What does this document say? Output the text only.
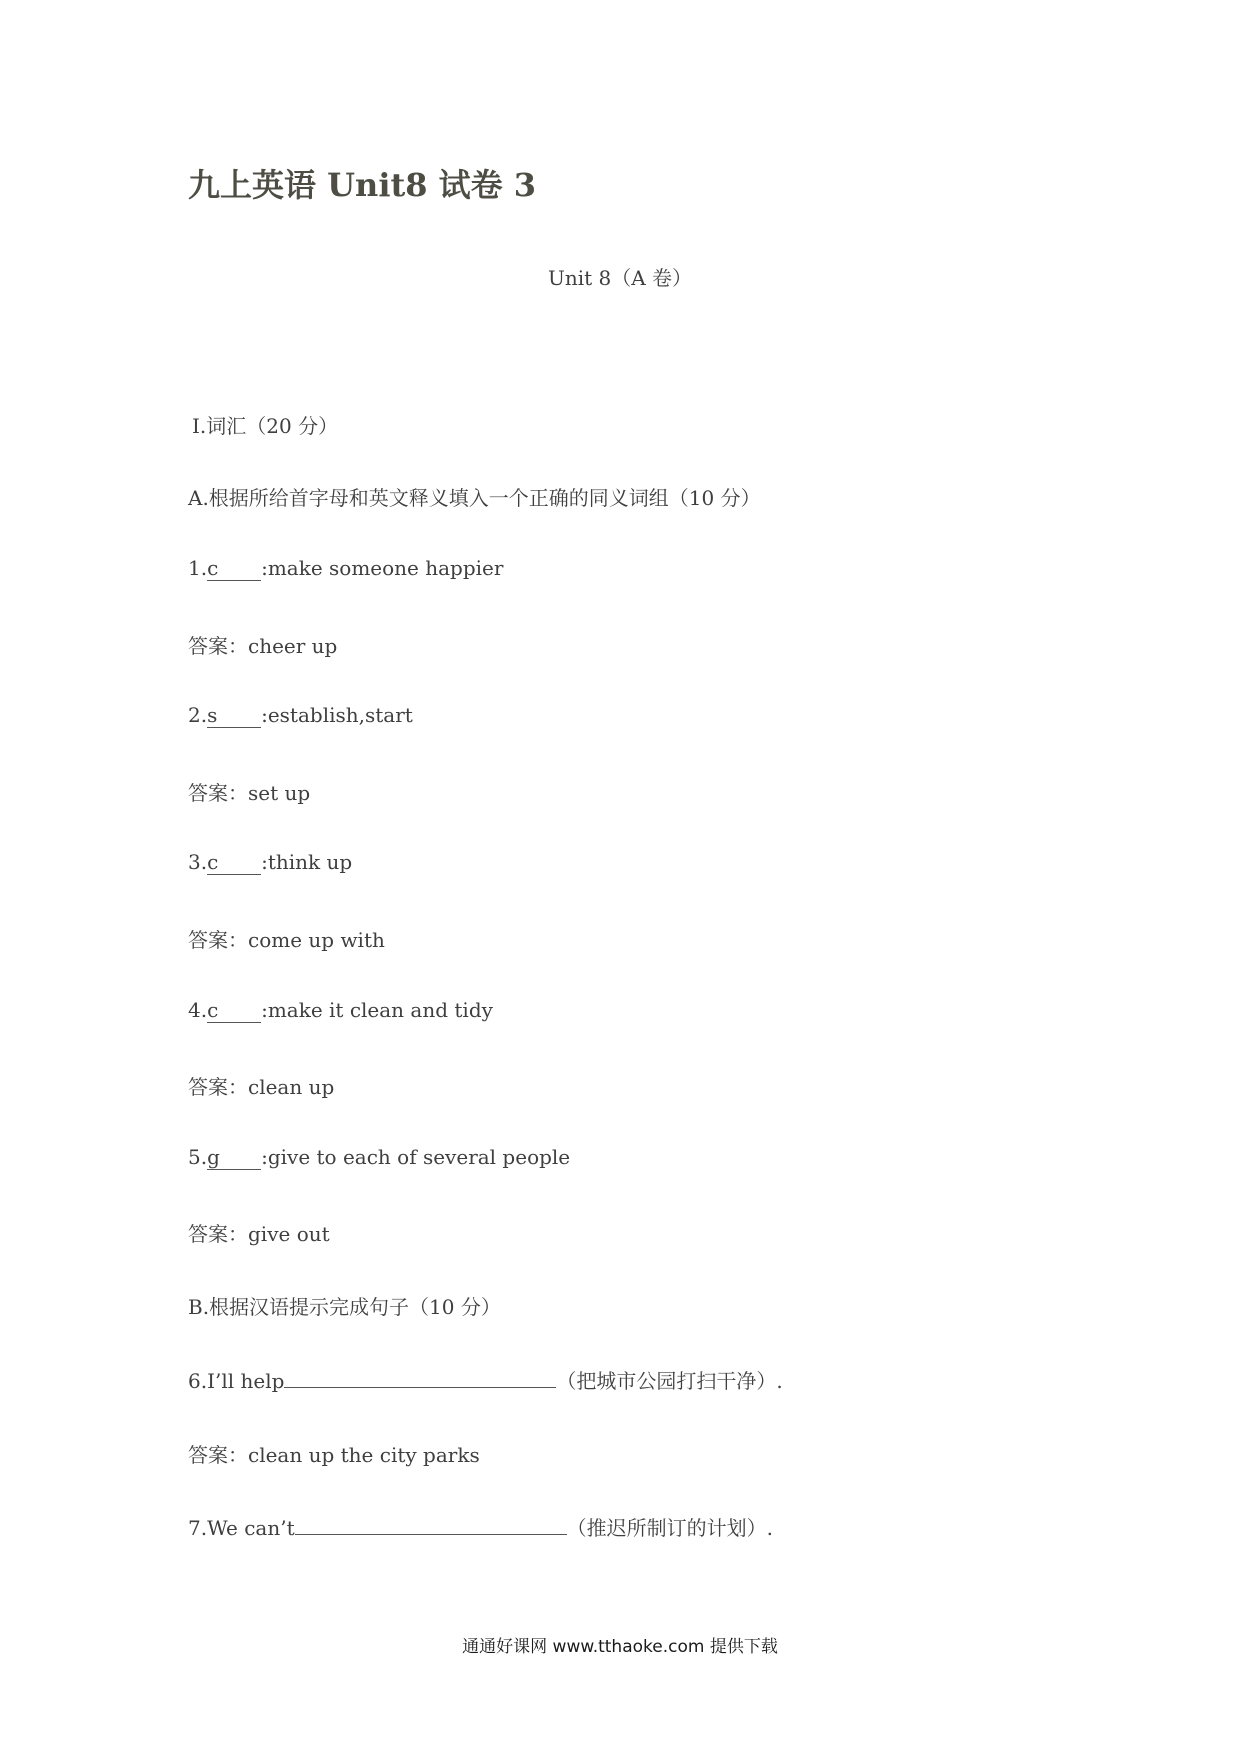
九上英语 Unit8 试卷 3
Unit 8（A 卷）
Ⅰ.词汇（20 分）
A.根据所给首字母和英文释义填入一个正确的同义词组（10 分）
1.c :make someone happier
答案：cheer up
2.s :establish,start
答案：set up
3.c :think up
答案：come up with
4.c :make it clean and tidy
答案：clean up
5.g :give to each of several people
答案：give out
B.根据汉语提示完成句子（10 分）
6.I’ll help	（把城市公园打扫干净）.
答案：clean up the city parks
7.We can’t	（推迟所制订的计划）.
通通好课网 www.tthaoke.com 提供下载
